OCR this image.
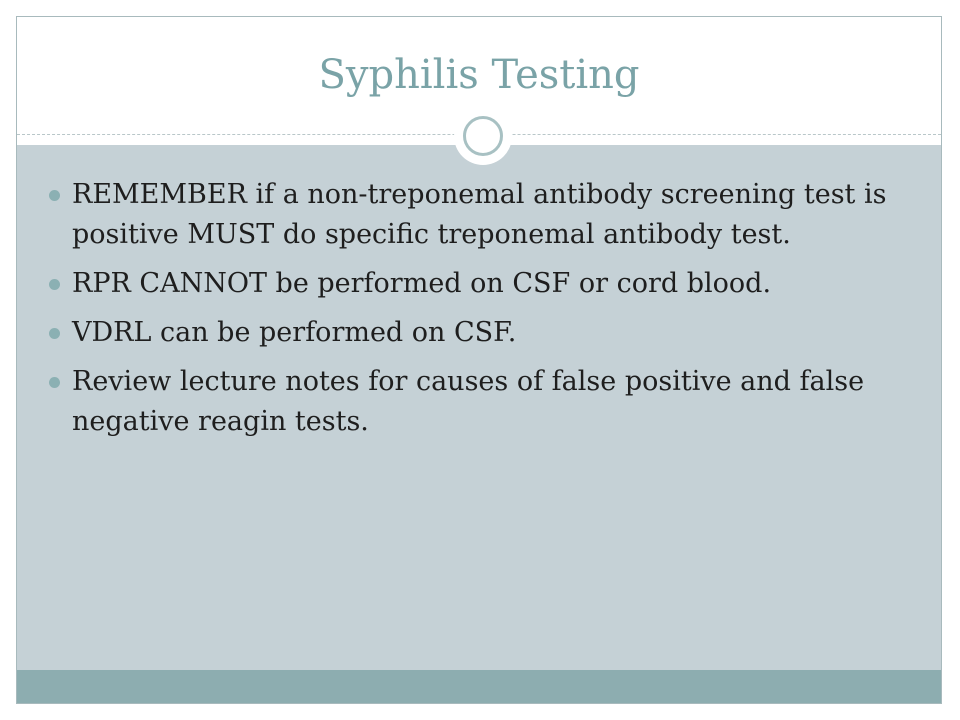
Syphilis Testing
REMEMBER if a non-treponemal antibody screening test is positive MUST do specific treponemal antibody test.
RPR CANNOT be performed on CSF or cord blood.
VDRL can be performed on CSF.
Review lecture notes for causes of false positive and false negative reagin tests.
